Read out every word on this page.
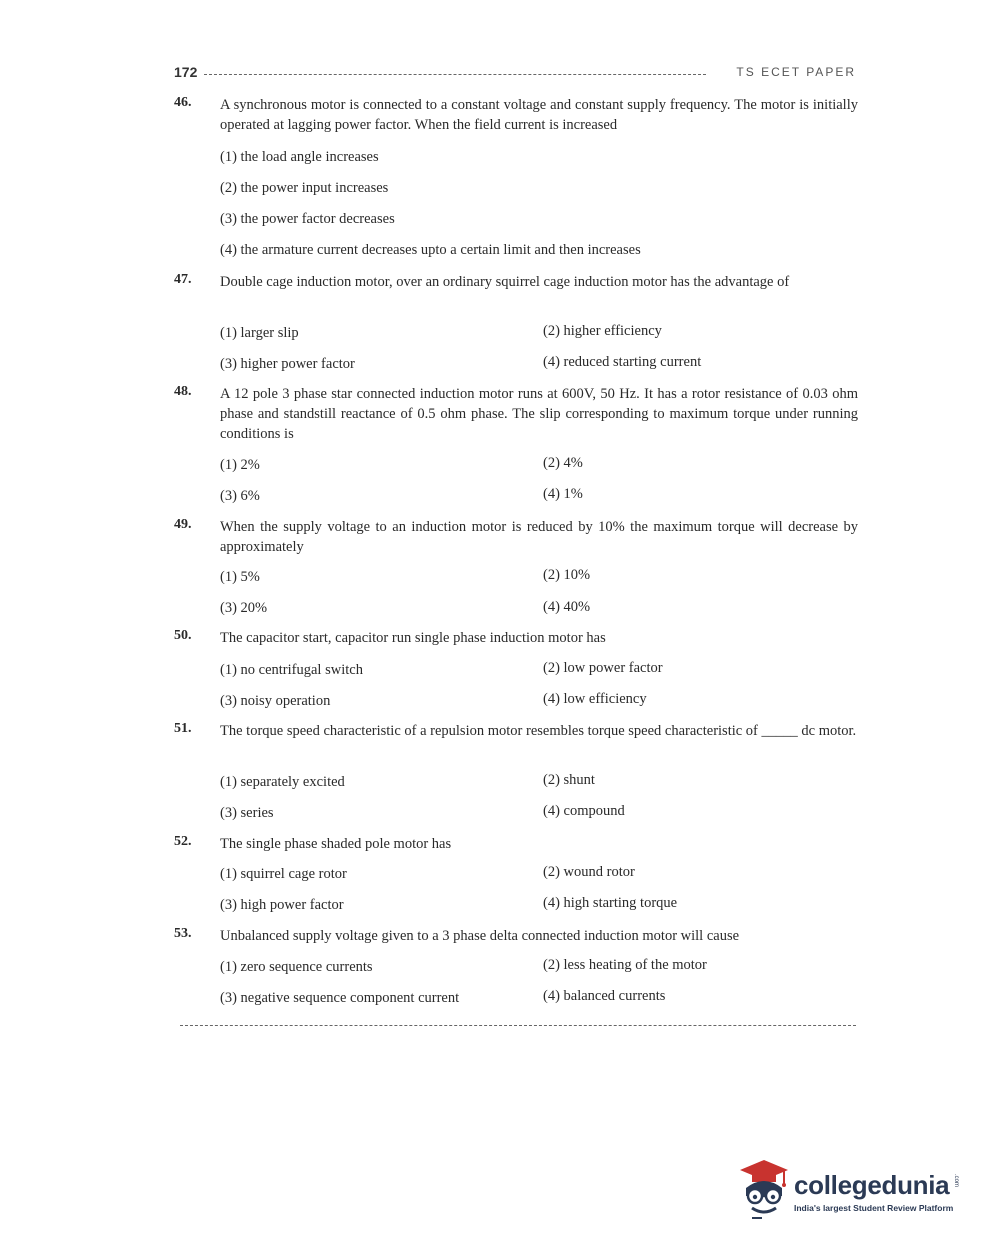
172	TS ECET PAPER
46.	A synchronous motor is connected to a constant voltage and constant supply frequency. The motor is initially operated at lagging power factor. When the field current is increased
(1) the load angle increases
(2) the power input increases
(3) the power factor decreases
(4) the armature current decreases upto a certain limit and then increases
47.	Double cage induction motor, over an ordinary squirrel cage induction motor has the advantage of
(1) larger slip	(2) higher efficiency
(3) higher power factor	(4) reduced starting current
48.	A 12 pole 3 phase star connected induction motor runs at 600V, 50 Hz. It has a rotor resistance of 0.03 ohm phase and standstill reactance of 0.5 ohm phase. The slip corresponding to maximum torque under running conditions is
(1) 2%	(2) 4%
(3) 6%	(4) 1%
49.	When the supply voltage to an induction motor is reduced by 10% the maximum torque will decrease by approximately
(1) 5%	(2) 10%
(3) 20%	(4) 40%
50.	The capacitor start, capacitor run single phase induction motor has
(1) no centrifugal switch	(2) low power factor
(3) noisy operation	(4) low efficiency
51.	The torque speed characteristic of a repulsion motor resembles torque speed characteristic of _____ dc motor.
(1) separately excited	(2) shunt
(3) series	(4) compound
52.	The single phase shaded pole motor has
(1) squirrel cage rotor	(2) wound rotor
(3) high power factor	(4) high starting torque
53.	Unbalanced supply voltage given to a 3 phase delta connected induction motor will cause
(1) zero sequence currents	(2) less heating of the motor
(3) negative sequence component current	(4) balanced currents
collegedunia .com
India's largest Student Review Platform
